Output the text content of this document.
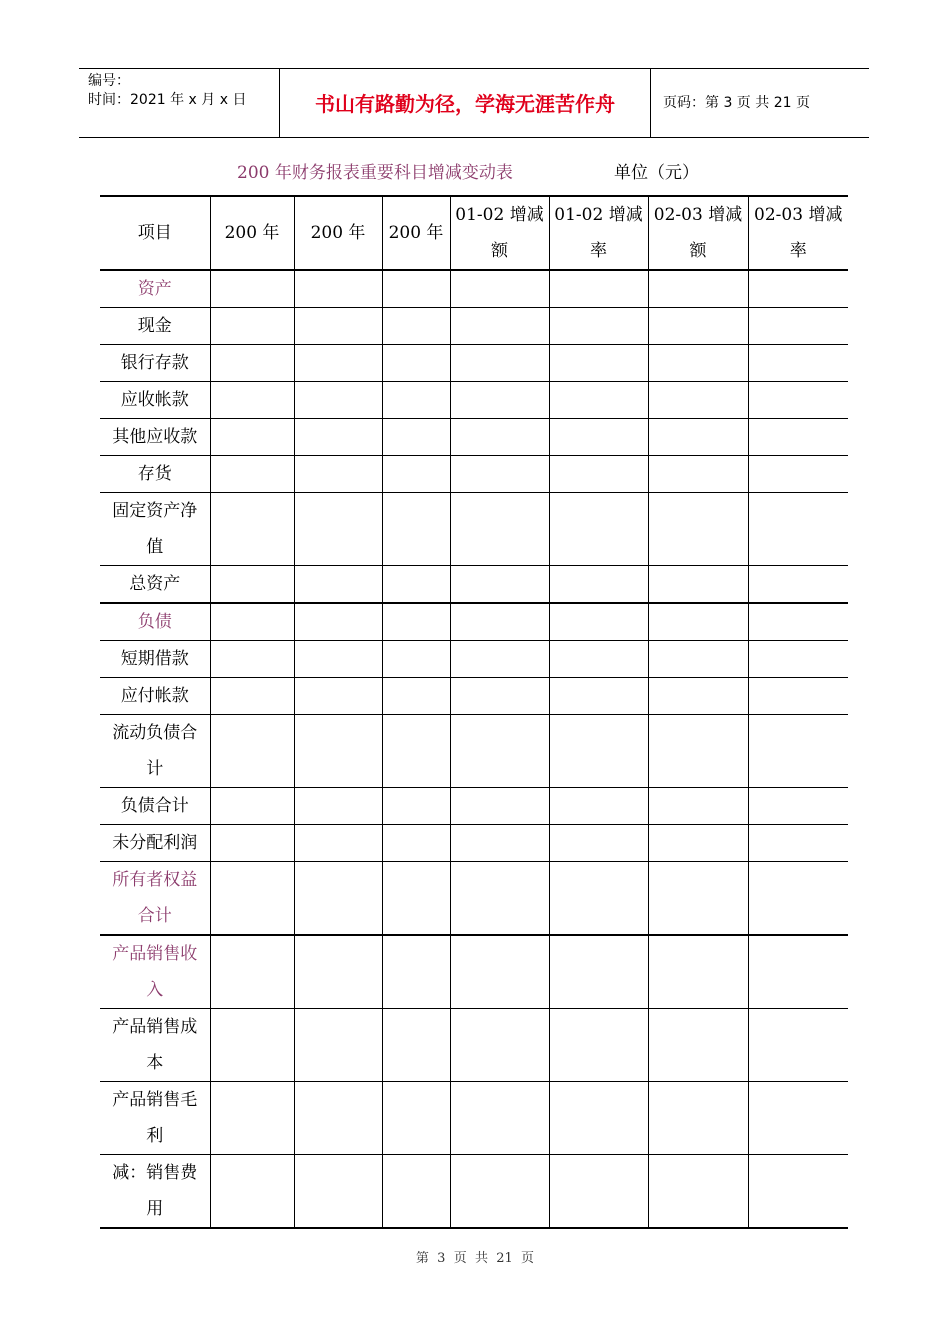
编号：
时间：2021 年 x 月 x 日	书山有路勤为径，学海无涯苦作舟	页码：第 3 页 共 21 页
200 年财务报表重要科目增减变动表	单位（元）
项目	200 年	200 年	200 年	01-02 增减额	01-02 增减率	02-03 增减额	02-03 增减率
资产							
现金							
银行存款							
应收帐款							
其他应收款							
存货							
固定资产净值							
总资产							
负债							
短期借款							
应付帐款							
流动负债合计							
负债合计							
未分配利润							
所有者权益合计							
产品销售收入							
产品销售成本							
产品销售毛利							
减：销售费用							
第  3  页  共  21  页
